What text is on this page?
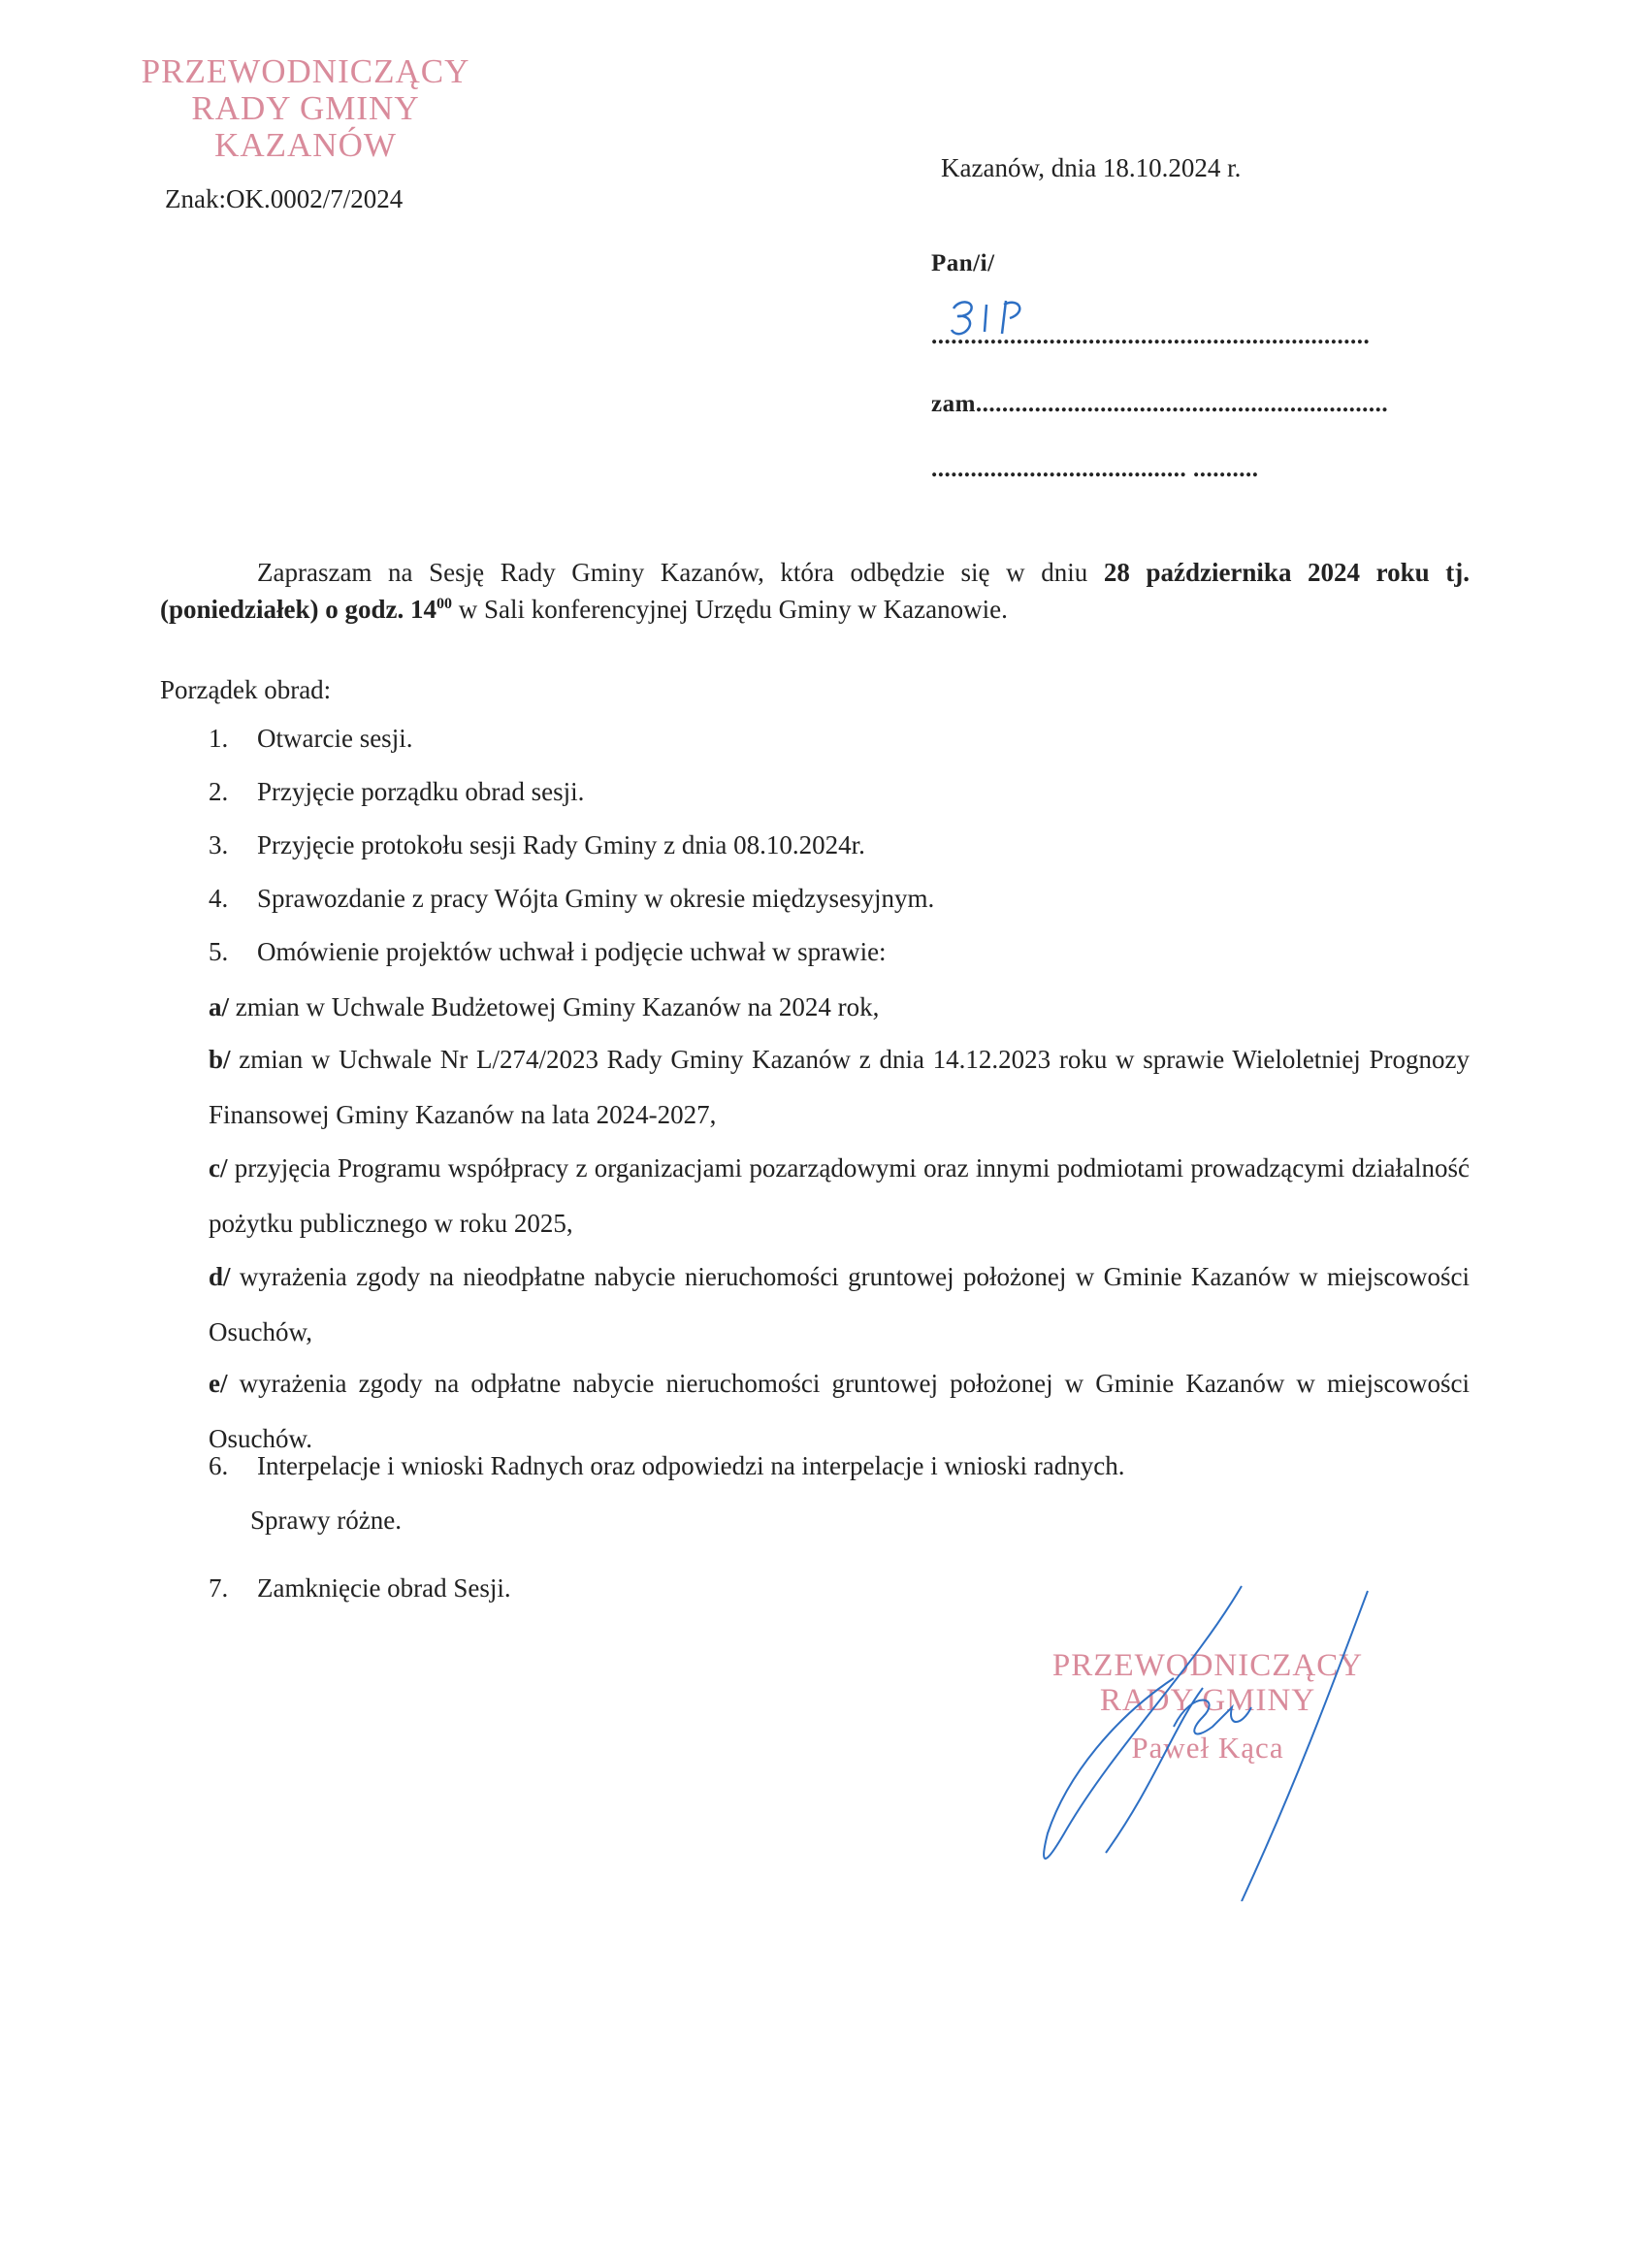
PRZEWODNICZĄCY
RADY GMINY
KAZANÓW
Znak:OK.0002/7/2024
Kazanów, dnia 18.10.2024 r.
Pan/i/
...................................................................
zam...............................................................
....................................... ..........
Zapraszam na Sesję Rady Gminy Kazanów, która odbędzie się w dniu 28 października 2024 roku tj. (poniedziałek) o godz. $14^{00}$ w Sali konferencyjnej Urzędu Gminy w Kazanowie.
Porządek obrad:
1. Otwarcie sesji.
2. Przyjęcie porządku obrad sesji.
3. Przyjęcie protokołu sesji Rady Gminy z dnia 08.10.2024r.
4. Sprawozdanie z pracy Wójta Gminy w okresie międzysesyjnym.
5. Omówienie projektów uchwał i podjęcie uchwał w sprawie:
a/ zmian w Uchwale Budżetowej Gminy Kazanów na 2024 rok,
b/ zmian w Uchwale Nr L/274/2023 Rady Gminy Kazanów z dnia 14.12.2023 roku w sprawie Wieloletniej Prognozy Finansowej Gminy Kazanów na lata 2024-2027,
c/ przyjęcia Programu współpracy z organizacjami pozarządowymi oraz innymi podmiotami prowadzącymi działalność pożytku publicznego w roku 2025,
d/ wyrażenia zgody na nieodpłatne nabycie nieruchomości gruntowej położonej w Gminie Kazanów w miejscowości Osuchów,
e/ wyrażenia zgody na odpłatne nabycie nieruchomości gruntowej położonej w Gminie Kazanów w miejscowości Osuchów.
6. Interpelacje i wnioski Radnych oraz odpowiedzi na interpelacje i wnioski radnych.
Sprawy różne.
7. Zamknięcie obrad Sesji.
PRZEWODNICZĄCY
RADY GMINY
Paweł Kąca
